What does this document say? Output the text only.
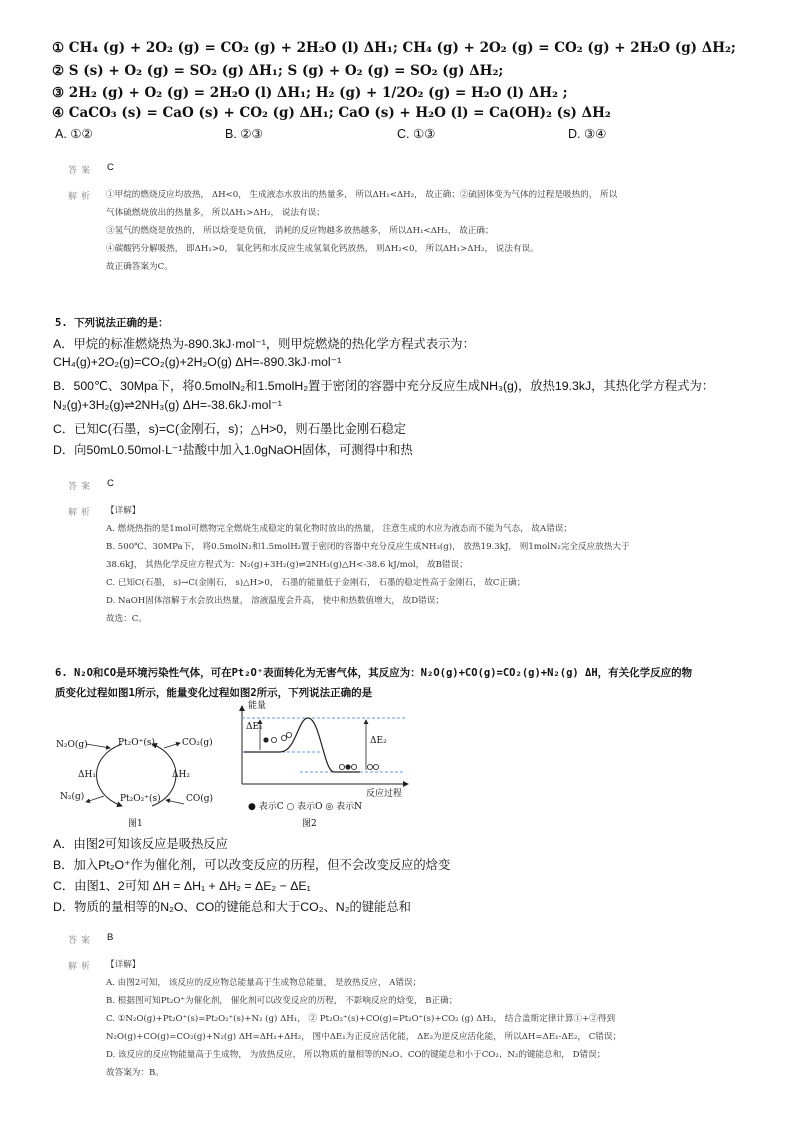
① CH₄ (g) + 2O₂ (g) = CO₂ (g) + 2H₂O (l) ΔH₁; CH₄ (g) + 2O₂ (g) = CO₂ (g) + 2H₂O (g) ΔH₂;
② S (s) + O₂ (g) = SO₂ (g) ΔH₁; S (g) + O₂ (g) = SO₂ (g) ΔH₂;
③ 2H₂ (g) + O₂ (g) = 2H₂O (l) ΔH₁; H₂ (g) + 1/2O₂ (g) = H₂O (l) ΔH₂ ;
④ CaCO₃ (s) = CaO (s) + CO₂ (g) ΔH₁; CaO (s) + H₂O (l) = Ca(OH)₂ (s) ΔH₂
A. ①②	B. ②③	C. ①③	D. ③④
答案 C
解析 ①甲烷的燃烧反应均放热， ΔH<0， 生成液态水放出的热量多， 所以ΔH₁<ΔH₂， 故正确；②硫固体变为气体的过程是吸热的， 所以
气体硫燃烧放出的热量多， 所以ΔH₁>ΔH₂， 说法有误；
③氢气的燃烧是放热的， 所以焓变是负值， 消耗的反应物越多放热越多， 所以ΔH₁<ΔH₂， 故正确；
④碳酸钙分解吸热， 即ΔH₁>0， 氧化钙和水反应生成氢氧化钙放热， 则ΔH₂<0， 所以ΔH₁>ΔH₂， 说法有误。
故正确答案为C。
5. 下列说法正确的是：
A．甲烷的标准燃烧热为-890.3kJ·mol⁻¹，则甲烷燃烧的热化学方程式表示为：
CH₄(g)+2O₂(g)=CO₂(g)+2H₂O(g) ΔH=-890.3kJ·mol⁻¹
B．500℃、30Mpa下，将0.5molN₂和1.5molH₂置于密闭的容器中充分反应生成NH₃(g)，放热19.3kJ，其热化学方程式为：
N₂(g)+3H₂(g)⇌2NH₃(g) ΔH=-38.6kJ·mol⁻¹
C．已知C(石墨，s)=C(金刚石，s)；△H>0，则石墨比金刚石稳定
D．向50mL0.50mol·L⁻¹盐酸中加入1.0gNaOH固体，可测得中和热
答案 C
解析 【详解】
A. 燃烧热指的是1mol可燃物完全燃烧生成稳定的氧化物时放出的热量， 注意生成的水应为液态而不能为气态， 故A错误；
B. 500℃、30MPa下， 将0.5molN₂和1.5molH₂置于密闭的容器中充分反应生成NH₃(g)， 放热19.3kJ， 则1molN₂完全反应放热大于
38.6kJ， 其热化学反应方程式为：N₂(g)+3H₂(g)⇌2NH₃(g)△H<-38.6 kJ/mol， 故B错误；
C. 已知C(石墨， s)→C(金刚石， s)△H>0， 石墨的能量低于金刚石， 石墨的稳定性高于金刚石， 故C正确；
D. NaOH固体溶解于水会放出热量， 溶液温度会升高， 使中和热数值增大， 故D错误；
故选：C。
6. N₂O和CO是环境污染性气体，可在Pt₂O⁺表面转化为无害气体，其反应为：N₂O(g)+CO(g)=CO₂(g)+N₂(g) ΔH，有关化学反应的物
质变化过程如图1所示，能量变化过程如图2所示，下列说法正确的是
N₂O(g)	Pt₂O⁺(s)	CO₂(g)
ΔH₁	ΔH₂
N₂(g)	Pt₂O₂⁺(s)	CO(g)
图1
能量
ΔE₁
ΔE₂
反应过程
● 表示C ○ 表示O ◎ 表示N
图2
A．由图2可知该反应是吸热反应
B．加入Pt₂O⁺作为催化剂，可以改变反应的历程，但不会改变反应的焓变
C．由图1、2可知 ΔH = ΔH₁ + ΔH₂ = ΔE₂ − ΔE₁
D．物质的量相等的N₂O、CO的键能总和大于CO₂、N₂的键能总和
答案 B
解析 【详解】
A. 由图2可知， 该反应的反应物总能量高于生成物总能量， 是放热反应， A错误；
B. 根据图可知Pt₂O⁺为催化剂， 催化剂可以改变反应的历程， 不影响反应的焓变， B正确；
C. ①N₂O(g)+Pt₂O⁺(s)=Pt₂O₂⁺(s)+N₂ (g) ΔH₁， ② Pt₂O₂⁺(s)+CO(g)=Pt₂O⁺(s)+CO₂ (g) ΔH₂， 结合盖斯定律计算①+②得到
N₂O(g)+CO(g)=CO₂(g)+N₂(g) ΔH=ΔH₁+ΔH₂， 图中ΔE₁为正反应活化能， ΔE₂为逆反应活化能， 所以ΔH=ΔE₁-ΔE₂， C错误；
D. 该反应的反应物能量高于生成物， 为放热反应， 所以物质的量相等的N₂O、CO的键能总和小于CO₂、N₂的键能总和， D错误；
故答案为：B。
